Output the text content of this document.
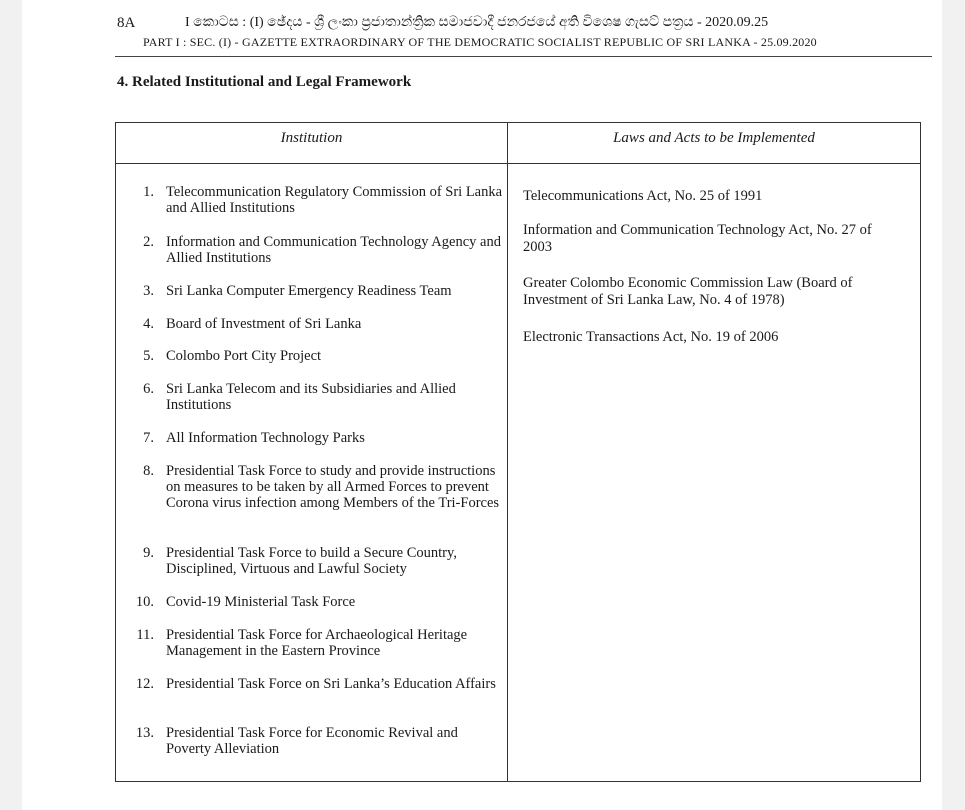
8A	I කොටස : (I) ඡේදය - ශ්‍රී ලංකා ප්‍රජාතාන්ත්‍රික සමාජවාදී ජනරජයේ අති විශෙෂ ගැසට් පත්‍රය - 2020.09.25
PART I : SEC. (I) - GAZETTE EXTRAORDINARY OF THE DEMOCRATIC SOCIALIST REPUBLIC OF SRI LANKA - 25.09.2020
4. Related Institutional and Legal Framework
Institution	Laws and Acts to be Implemented
1. Telecommunication Regulatory Commission of Sri Lanka and Allied Institutions
2. Information and Communication Technology Agency and Allied Institutions
3. Sri Lanka Computer Emergency Readiness Team
4. Board of Investment of Sri Lanka
5. Colombo Port City Project
6. Sri Lanka Telecom and its Subsidiaries and Allied Institutions
7. All Information Technology Parks
8. Presidential Task Force to study and provide instructions on measures to be taken by all Armed Forces to prevent Corona virus infection among Members of the Tri-Forces
9. Presidential Task Force to build a Secure Country, Disciplined, Virtuous and Lawful Society
10. Covid-19 Ministerial Task Force
11. Presidential Task Force for Archaeological Heritage Management in the Eastern Province
12. Presidential Task Force on Sri Lanka’s Education Affairs
13. Presidential Task Force for Economic Revival and Poverty Alleviation
Telecommunications Act, No. 25 of 1991
Information and Communication Technology Act, No. 27 of 2003
Greater Colombo Economic Commission Law (Board of Investment of Sri Lanka Law, No. 4 of 1978)
Electronic Transactions Act, No. 19 of 2006
